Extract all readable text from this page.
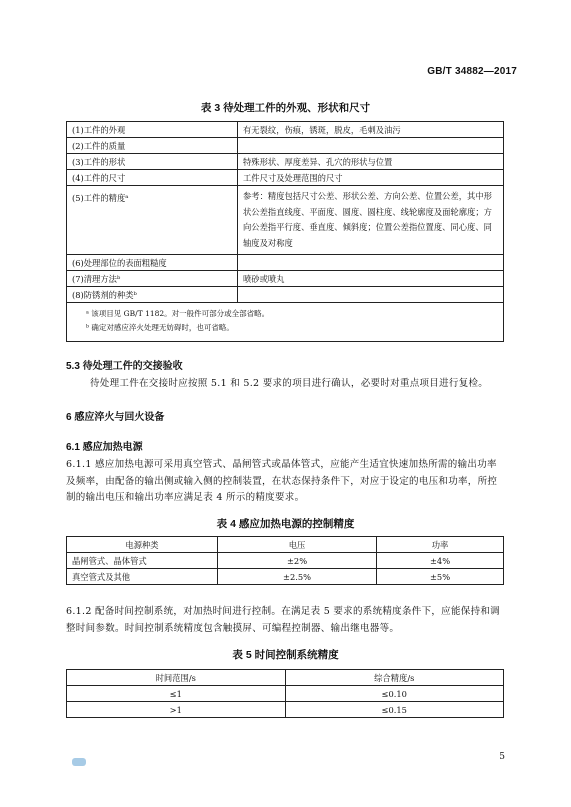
GB/T 34882—2017
表 3 待处理工件的外观、形状和尺寸
(1)工件的外观	有无裂纹，伤痕，锈斑，脱皮，毛刺及油污
(2)工件的质量	
(3)工件的形状	特殊形状、厚度差异、孔穴的形状与位置
(4)工件的尺寸	工件尺寸及处理范围的尺寸
(5)工件的精度ᵃ	参考：精度包括尺寸公差、形状公差、方向公差、位置公差，其中形状公差指直线度、平面度、圆度、圆柱度、线轮廓度及面轮廓度；方向公差指平行度、垂直度、倾斜度；位置公差指位置度、同心度、同轴度及对称度
(6)处理部位的表面粗糙度	
(7)清理方法ᵇ	喷砂或喷丸
(8)防锈剂的种类ᵇ	

ᵃ 该项目见 GB/T 1182。对一般件可部分或全部省略。
ᵇ 确定对感应淬火处理无妨碍时，也可省略。	
5.3 待处理工件的交接验收
待处理工件在交接时应按照 5.1 和 5.2 要求的项目进行确认，必要时对重点项目进行复检。
6 感应淬火与回火设备
6.1 感应加热电源
6.1.1 感应加热电源可采用真空管式、晶闸管式或晶体管式，应能产生适宜快速加热所需的输出功率及频率，由配备的输出侧或输入侧的控制装置，在状态保持条件下，对应于设定的电压和功率，所控制的输出电压和输出功率应满足表 4 所示的精度要求。
表 4 感应加热电源的控制精度
电源种类	电压	功率
晶闸管式、晶体管式	±2%	±4%
真空管式及其他	±2.5%	±5%
6.1.2 配备时间控制系统，对加热时间进行控制。在满足表 5 要求的系统精度条件下，应能保持和调整时间参数。时间控制系统精度包含触摸屏、可编程控制器、输出继电器等。
表 5 时间控制系统精度
时间范围/s	综合精度/s
≤1	≤0.10
>1	≤0.15
5
